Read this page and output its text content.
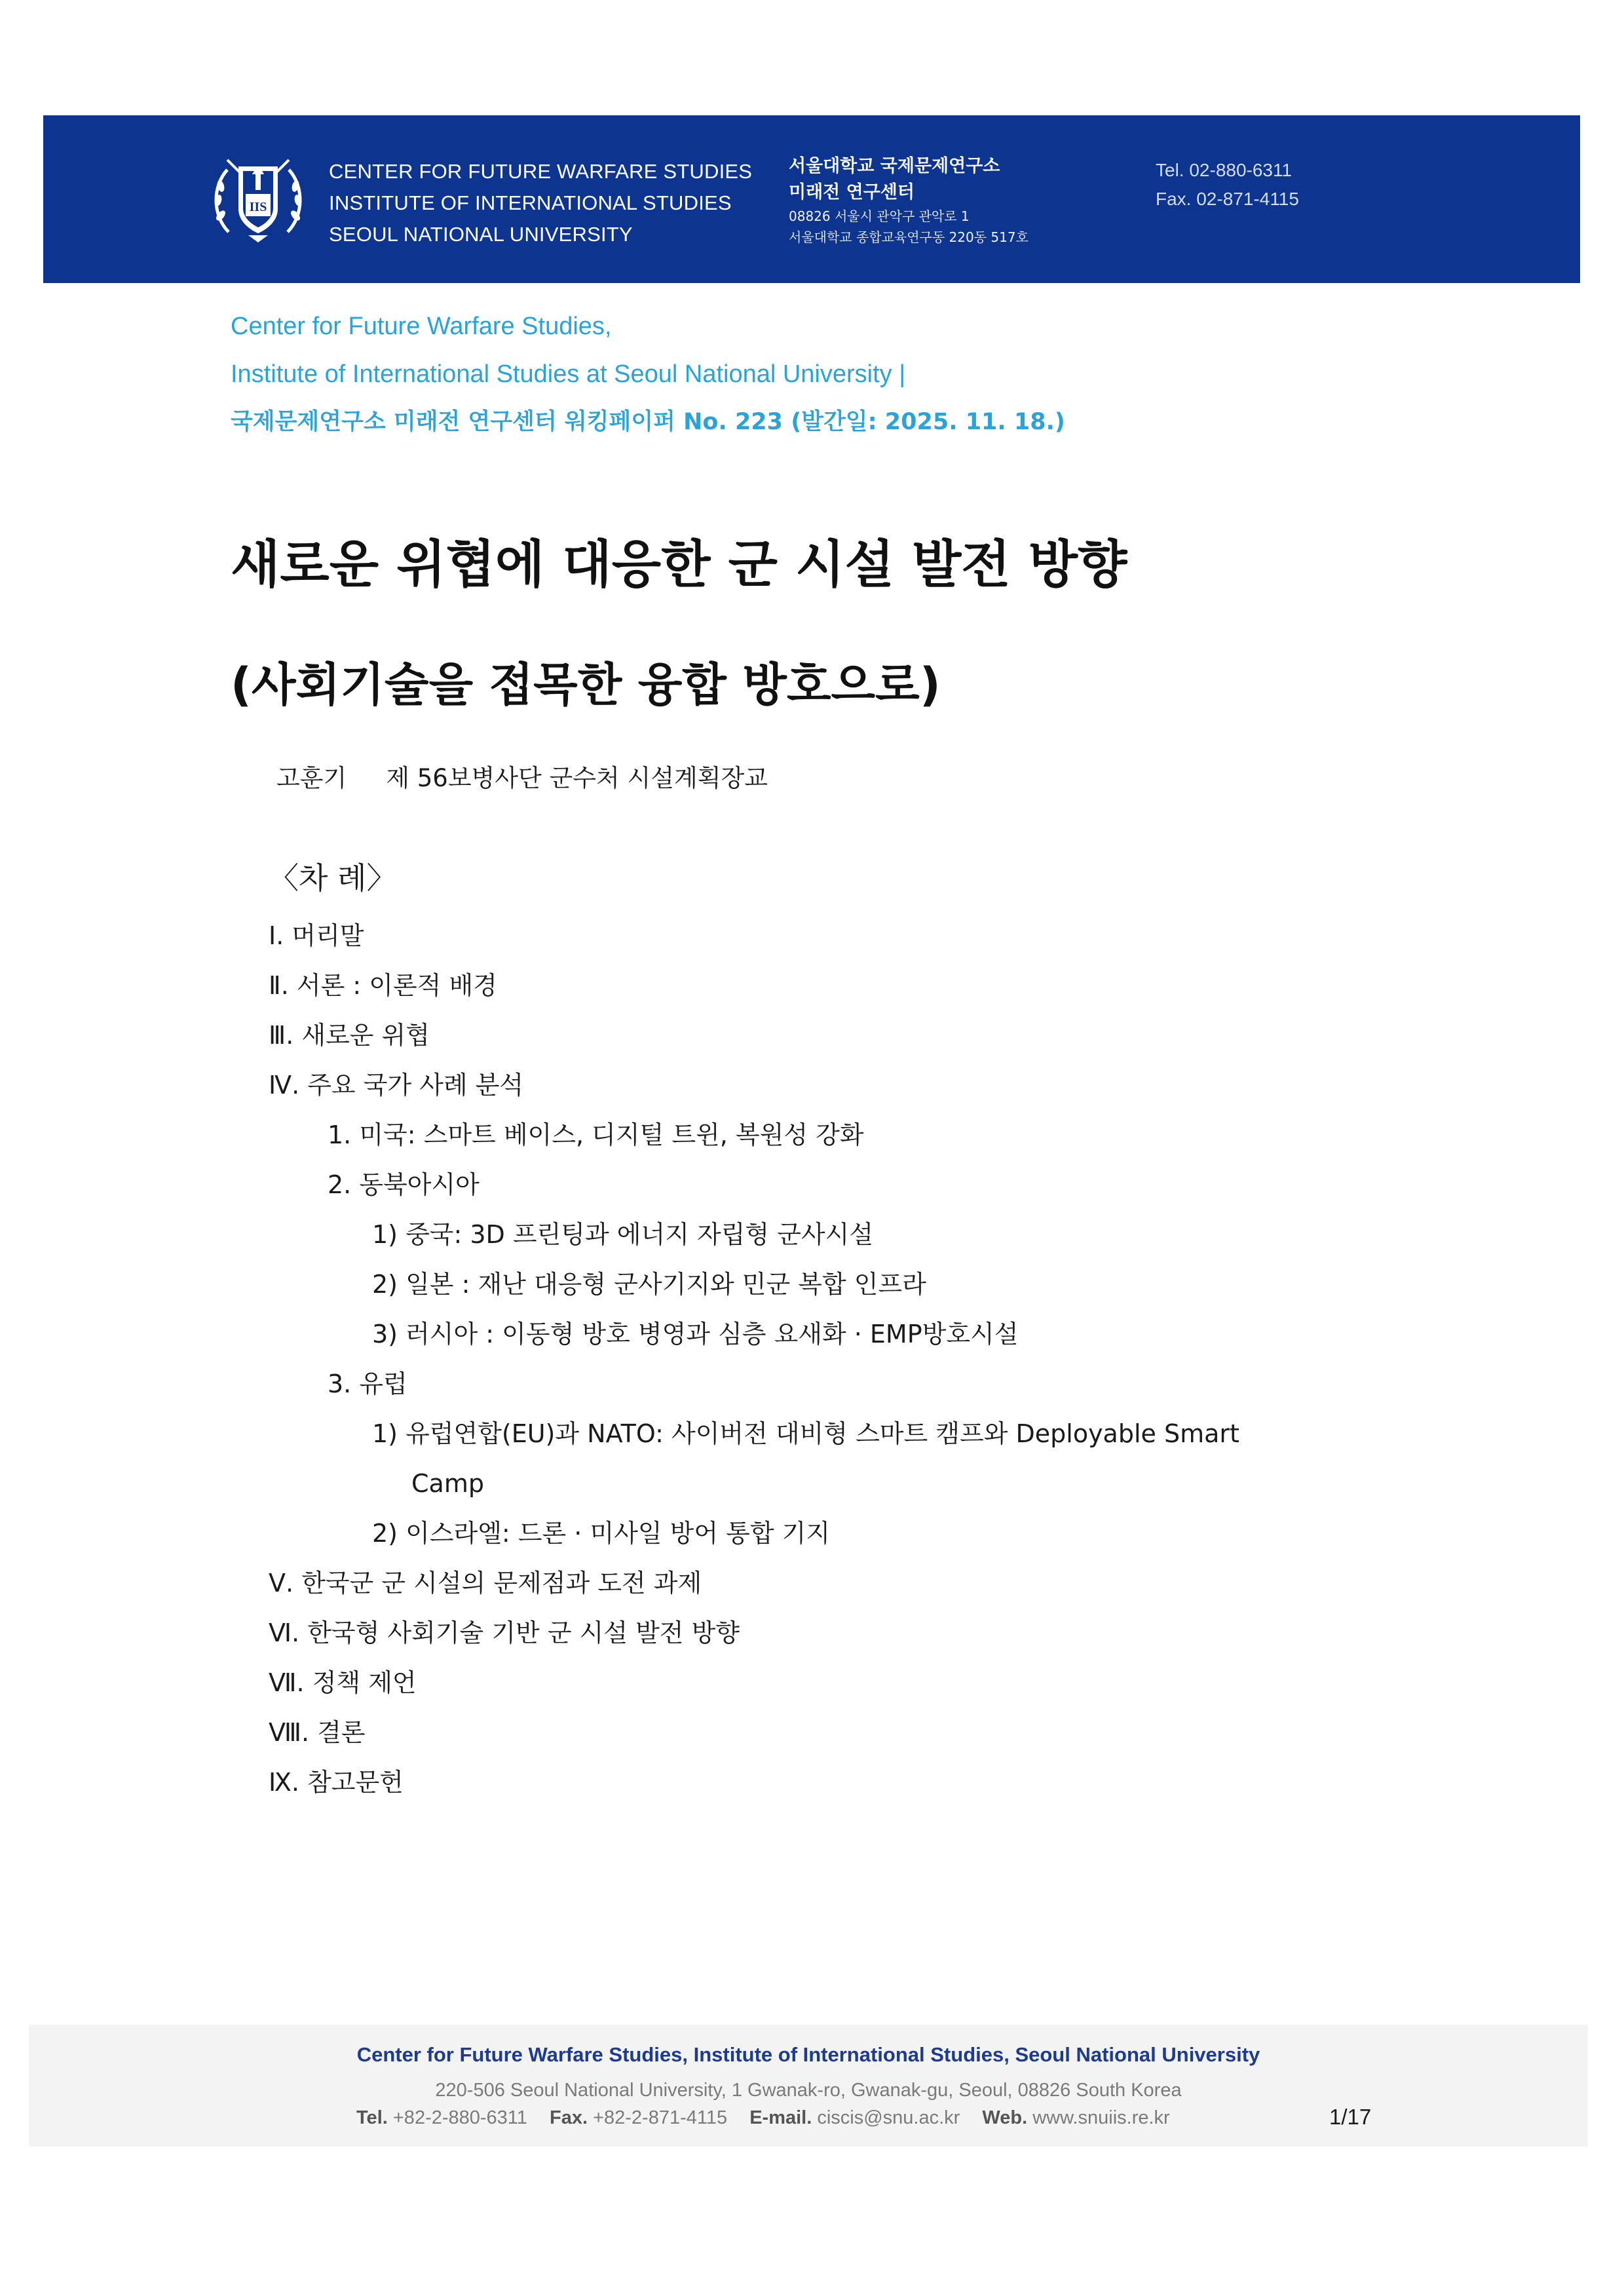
IIS
CENTER FOR FUTURE WARFARE STUDIES
INSTITUTE OF INTERNATIONAL STUDIES
SEOUL NATIONAL UNIVERSITY
서울대학교 국제문제연구소
미래전 연구센터
08826 서울시 관악구 관악로 1
서울대학교 종합교육연구동 220동 517호
Tel. 02-880-6311
Fax. 02-871-4115
Center for Future Warfare Studies,
Institute of International Studies at Seoul National University |
국제문제연구소 미래전 연구센터 워킹페이퍼 No. 223 (발간일: 2025. 11. 18.)
새로운 위협에 대응한 군 시설 발전 방향
(사회기술을 접목한 융합 방호으로)
고훈기 제 56보병사단 군수처 시설계획장교
〈차 례〉
Ⅰ. 머리말
Ⅱ. 서론 : 이론적 배경
Ⅲ. 새로운 위협
Ⅳ. 주요 국가 사례 분석
1. 미국: 스마트 베이스, 디지털 트윈, 복원성 강화
2. 동북아시아
1) 중국: 3D 프린팅과 에너지 자립형 군사시설
2) 일본 : 재난 대응형 군사기지와 민군 복합 인프라
3) 러시아 : 이동형 방호 병영과 심층 요새화 · EMP방호시설
3. 유럽
1) 유럽연합(EU)과 NATO: 사이버전 대비형 스마트 캠프와 Deployable Smart
Camp
2) 이스라엘: 드론 · 미사일 방어 통합 기지
Ⅴ. 한국군 군 시설의 문제점과 도전 과제
Ⅵ. 한국형 사회기술 기반 군 시설 발전 방향
Ⅶ. 정책 제언
Ⅷ. 결론
Ⅸ. 참고문헌
Center for Future Warfare Studies, Institute of International Studies, Seoul National University
220-506 Seoul National University, 1 Gwanak-ro, Gwanak-gu, Seoul, 08826 South Korea
Tel. +82-2-880-6311 Fax. +82-2-871-4115 E-mail. ciscis@snu.ac.kr Web. www.snuiis.re.kr	1/17
